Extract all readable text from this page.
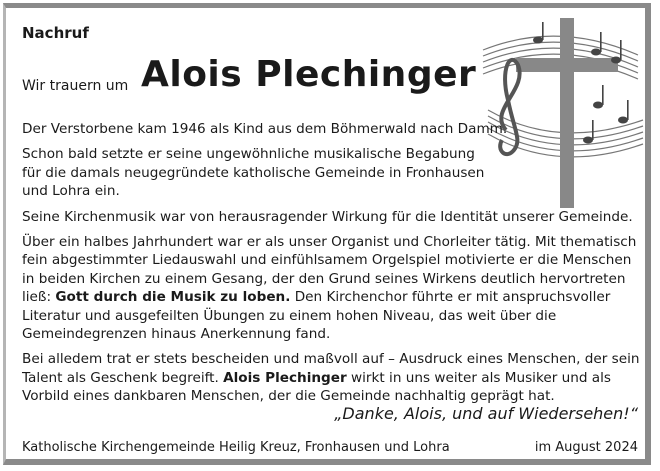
Nachruf
Wir trauern um Alois Plechinger

Der Verstorbene kam 1946 als Kind aus dem Böhmerwald nach Damm.

Schon bald setzte er seine ungewöhnliche musikalische Begabung für die damals neugegründete katholische Gemeinde in Fronhausen und Lohra ein.

Seine Kirchenmusik war von herausragender Wirkung für die Identität unserer Gemeinde.

Über ein halbes Jahrhundert war er als unser Organist und Chorleiter tätig. Mit thematisch fein abgestimmter Liedauswahl und einfühlsamem Orgelspiel motivierte er die Menschen in beiden Kirchen zu einem Gesang, der den Grund seines Wirkens deutlich hervortreten ließ: Gott durch die Musik zu loben. Den Kirchenchor führte er mit anspruchsvoller Literatur und ausgefeilten Übungen zu einem hohen Niveau, das weit über die Gemeindegrenzen hinaus Anerkennung fand.

Bei alledem trat er stets bescheiden und maßvoll auf – Ausdruck eines Menschen, der sein Talent als Geschenk begreift. Alois Plechinger wirkt in uns weiter als Musiker und als Vorbild eines dankbaren Menschen, der die Gemeinde nachhaltig geprägt hat.

„Danke, Alois, und auf Wiedersehen!“
Katholische Kirchengemeinde Heilig Kreuz, Fronhausen und Lohra	im August 2024
